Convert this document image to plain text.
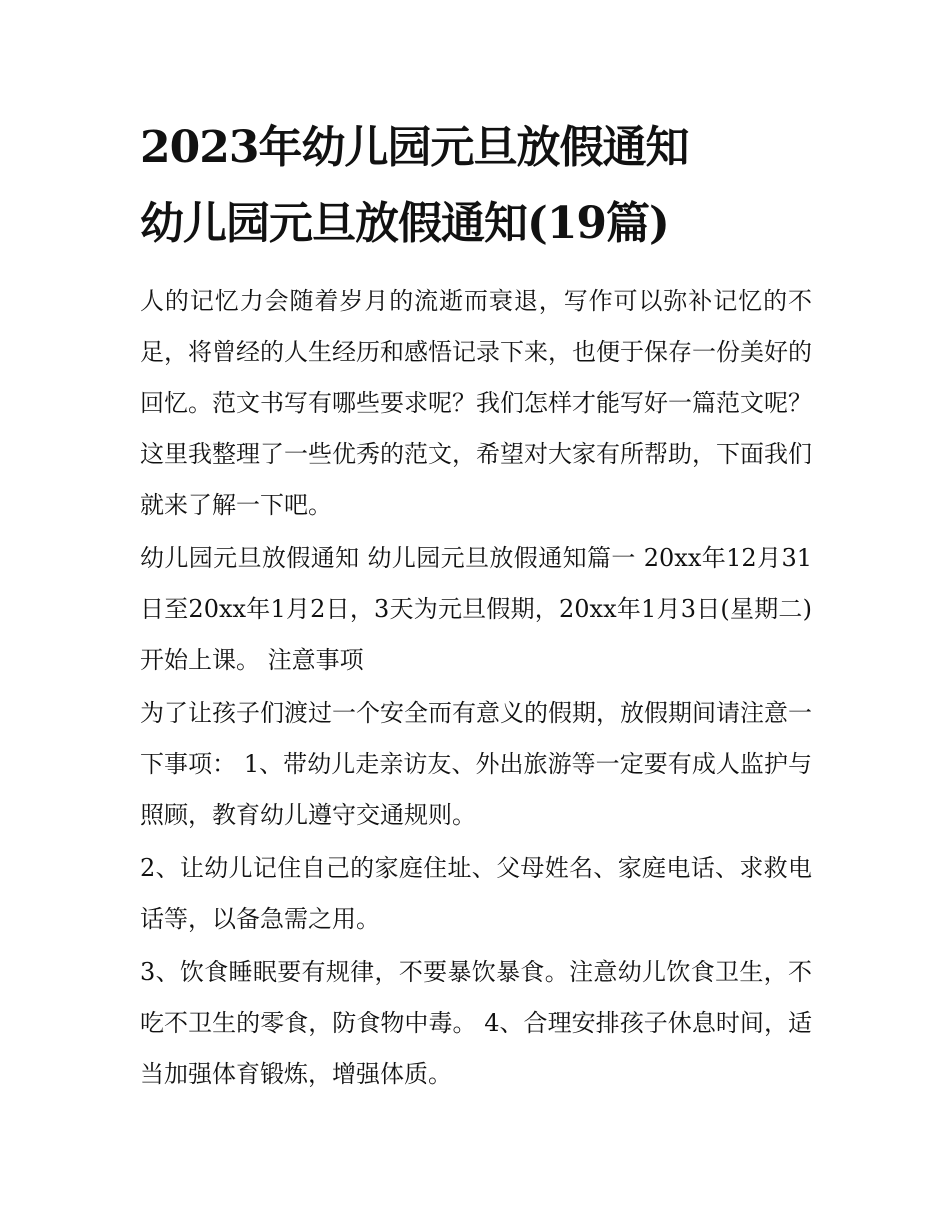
2023年幼儿园元旦放假通知
幼儿园元旦放假通知(19篇)

人的记忆力会随着岁月的流逝而衰退，写作可以弥补记忆的不足，将曾经的人生经历和感悟记录下来，也便于保存一份美好的回忆。范文书写有哪些要求呢？我们怎样才能写好一篇范文呢？这里我整理了一些优秀的范文，希望对大家有所帮助，下面我们就来了解一下吧。

幼儿园元旦放假通知 幼儿园元旦放假通知篇一 20xx年12月31日至20xx年1月2日，3天为元旦假期，20xx年1月3日(星期二)开始上课。 注意事项

为了让孩子们渡过一个安全而有意义的假期，放假期间请注意一下事项： 1、带幼儿走亲访友、外出旅游等一定要有成人监护与照顾，教育幼儿遵守交通规则。

2、让幼儿记住自己的家庭住址、父母姓名、家庭电话、求救电话等，以备急需之用。

3、饮食睡眠要有规律，不要暴饮暴食。注意幼儿饮食卫生，不吃不卫生的零食，防食物中毒。 4、合理安排孩子休息时间，适当加强体育锻炼，增强体质。
